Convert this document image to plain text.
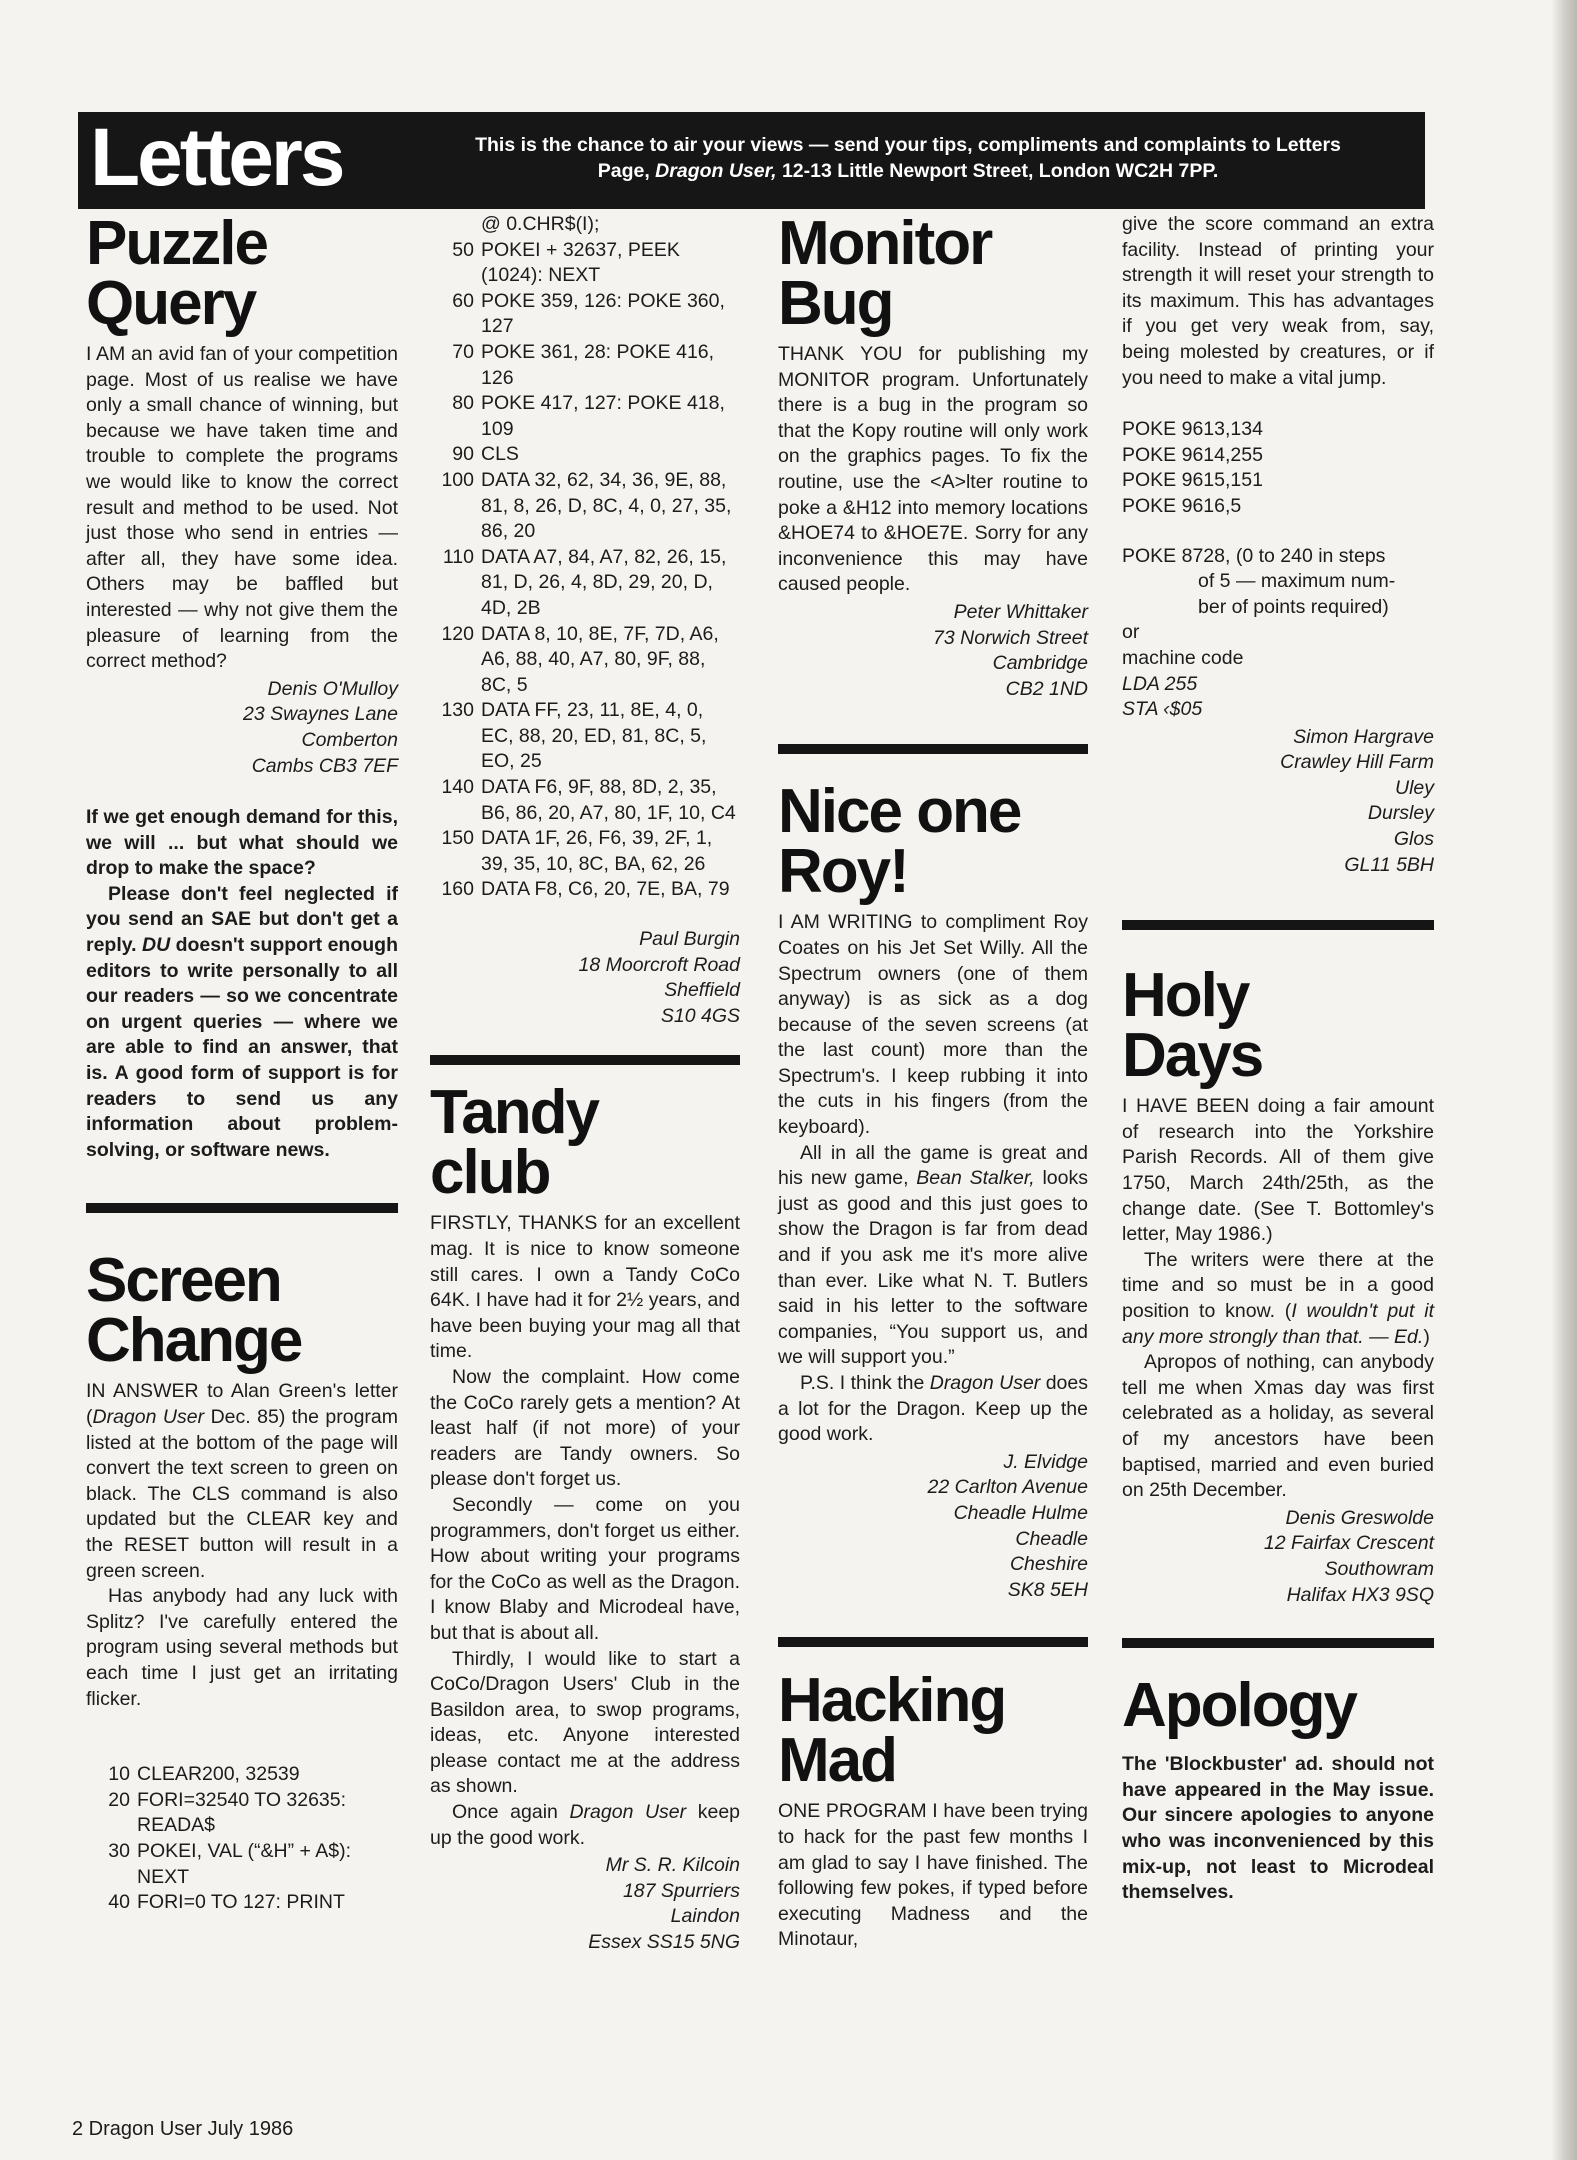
Letters	This is the chance to air your views — send your tips, compliments and complaints to Letters
Page, Dragon User, 12-13 Little Newport Street, London WC2H 7PP.
Puzzle Query

I AM an avid fan of your competition page. Most of us realise we have only a small chance of winning, but because we have taken time and trouble to complete the programs we would like to know the correct result and method to be used. Not just those who send in entries — after all, they have some idea. Others may be baffled but interested — why not give them the pleasure of learning from the correct method?

Denis O'Mulloy
23 Swaynes Lane
Comberton
Cambs CB3 7EF

If we get enough demand for this, we will ... but what should we drop to make the space?

Please don't feel neglected if you send an SAE but don't get a reply. DU doesn't support enough editors to write personally to all our readers — so we concentrate on urgent queries — where we are able to find an answer, that is. A good form of support is for readers to send us any information about problem-solving, or software news.

Screen Change

IN ANSWER to Alan Green's letter (Dragon User Dec. 85) the program listed at the bottom of the page will convert the text screen to green on black. The CLS command is also updated but the CLEAR key and the RESET button will result in a green screen.

Has anybody had any luck with Splitz? I've carefully entered the program using several methods but each time I just get an irritating flicker.

10 CLEAR200, 32539
20 FORI=32540 TO 32635: READA$
30 POKEI, VAL (“&H” + A$): NEXT
40 FORI=0 TO 127: PRINT
@ 0.CHR$(I);
50 POKEI + 32637, PEEK (1024): NEXT
60 POKE 359, 126: POKE 360, 127
70 POKE 361, 28: POKE 416, 126
80 POKE 417, 127: POKE 418, 109
90 CLS
100 DATA 32, 62, 34, 36, 9E, 88, 81, 8, 26, D, 8C, 4, 0, 27, 35, 86, 20
110 DATA A7, 84, A7, 82, 26, 15, 81, D, 26, 4, 8D, 29, 20, D, 4D, 2B
120 DATA 8, 10, 8E, 7F, 7D, A6, A6, 88, 40, A7, 80, 9F, 88, 8C, 5
130 DATA FF, 23, 11, 8E, 4, 0, EC, 88, 20, ED, 81, 8C, 5, EO, 25
140 DATA F6, 9F, 88, 8D, 2, 35, B6, 86, 20, A7, 80, 1F, 10, C4
150 DATA 1F, 26, F6, 39, 2F, 1, 39, 35, 10, 8C, BA, 62, 26
160 DATA F8, C6, 20, 7E, BA, 79
Paul Burgin
18 Moorcroft Road
Sheffield
S10 4GS
Tandy club

FIRSTLY, THANKS for an excellent mag. It is nice to know someone still cares. I own a Tandy CoCo 64K. I have had it for 2½ years, and have been buying your mag all that time.

Now the complaint. How come the CoCo rarely gets a mention? At least half (if not more) of your readers are Tandy owners. So please don't forget us.

Secondly — come on you programmers, don't forget us either. How about writing your programs for the CoCo as well as the Dragon. I know Blaby and Microdeal have, but that is about all.

Thirdly, I would like to start a CoCo/Dragon Users' Club in the Basildon area, to swop programs, ideas, etc. Anyone interested please contact me at the address as shown.

Once again Dragon User keep up the good work.

Mr S. R. Kilcoin
187 Spurriers
Laindon
Essex SS15 5NG
Monitor Bug

THANK YOU for publishing my MONITOR program. Unfortunately there is a bug in the program so that the Kopy routine will only work on the graphics pages. To fix the routine, use the <A>lter routine to poke a &H12 into memory locations &HOE74 to &HOE7E. Sorry for any inconvenience this may have caused people.

Peter Whittaker
73 Norwich Street
Cambridge
CB2 1ND
Nice one Roy!

I AM WRITING to compliment Roy Coates on his Jet Set Willy. All the Spectrum owners (one of them anyway) is as sick as a dog because of the seven screens (at the last count) more than the Spectrum's. I keep rubbing it into the cuts in his fingers (from the keyboard).

All in all the game is great and his new game, Bean Stalker, looks just as good and this just goes to show the Dragon is far from dead and if you ask me it's more alive than ever. Like what N. T. Butlers said in his letter to the software companies, “You support us, and we will support you.”

P.S. I think the Dragon User does a lot for the Dragon. Keep up the good work.

J. Elvidge
22 Carlton Avenue
Cheadle Hulme
Cheadle
Cheshire
SK8 5EH
Hacking Mad

ONE PROGRAM I have been trying to hack for the past few months I am glad to say I have finished. The following few pokes, if typed before executing Madness and the Minotaur,

give the score command an extra facility. Instead of printing your strength it will reset your strength to its maximum. This has advantages if you get very weak from, say, being molested by creatures, or if you need to make a vital jump.

POKE 9613,134

POKE 9614,255

POKE 9615,151

POKE 9616,5

POKE 8728, (0 to 240 in steps

of 5 — maximum num-

ber of points required)

or

machine code

LDA 255

STA ‹$05

Simon Hargrave
Crawley Hill Farm
Uley
Dursley
Glos
GL11 5BH
Holy Days

I HAVE BEEN doing a fair amount of research into the Yorkshire Parish Records. All of them give 1750, March 24th/25th, as the change date. (See T. Bottomley's letter, May 1986.)

The writers were there at the time and so must be in a good position to know. (I wouldn't put it any more strongly than that. — Ed.)

Apropos of nothing, can anybody tell me when Xmas day was first celebrated as a holiday, as several of my ancestors have been baptised, married and even buried on 25th December.

Denis Greswolde
12 Fairfax Crescent
Southowram
Halifax HX3 9SQ
Apology

The 'Blockbuster' ad. should not have appeared in the May issue. Our sincere apologies to anyone who was inconvenienced by this mix-up, not least to Microdeal themselves.

2 Dragon User July 1986
